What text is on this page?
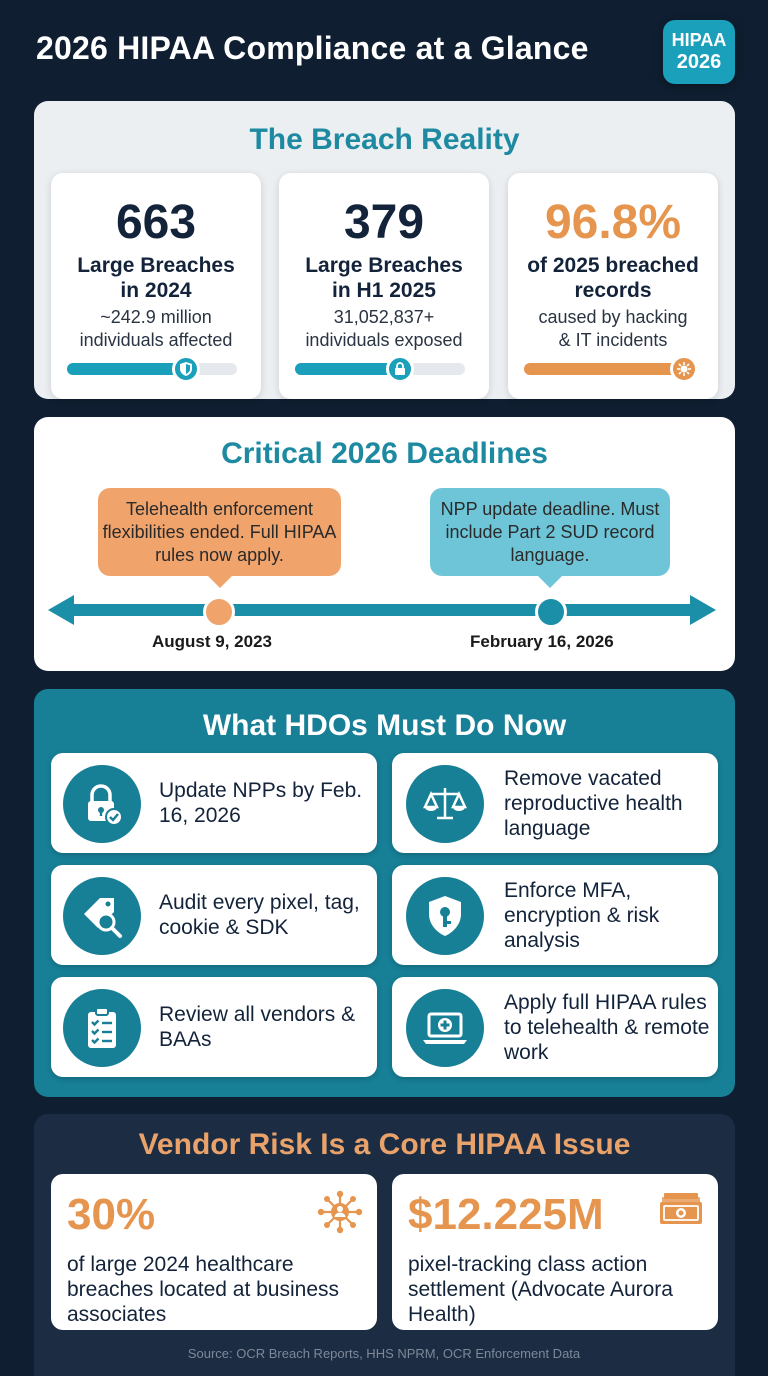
2026 HIPAA Compliance at a Glance	HIPAA
2026
The Breach Reality
663
Large Breaches
in 2024
~242.9 million
individuals affected
379
Large Breaches
in H1 2025
31,052,837+
individuals exposed
96.8%
of 2025 breached
records
caused by hacking
& IT incidents
Critical 2026 Deadlines
Telehealth enforcement flexibilities ended. Full HIPAA rules now apply.
NPP update deadline. Must include Part 2 SUD record language.
August 9, 2023	February 16, 2026
What HDOs Must Do Now
Update NPPs by Feb. 16, 2026
Remove vacated reproductive health language
Audit every pixel, tag, cookie & SDK
Enforce MFA, encryption & risk analysis
Review all vendors & BAAs
Apply full HIPAA rules to telehealth & remote work
Vendor Risk Is a Core HIPAA Issue
30%
of large 2024 healthcare breaches located at business associates
$12.225M
pixel-tracking class action settlement (Advocate Aurora Health)
Source: OCR Breach Reports, HHS NPRM, OCR Enforcement Data
